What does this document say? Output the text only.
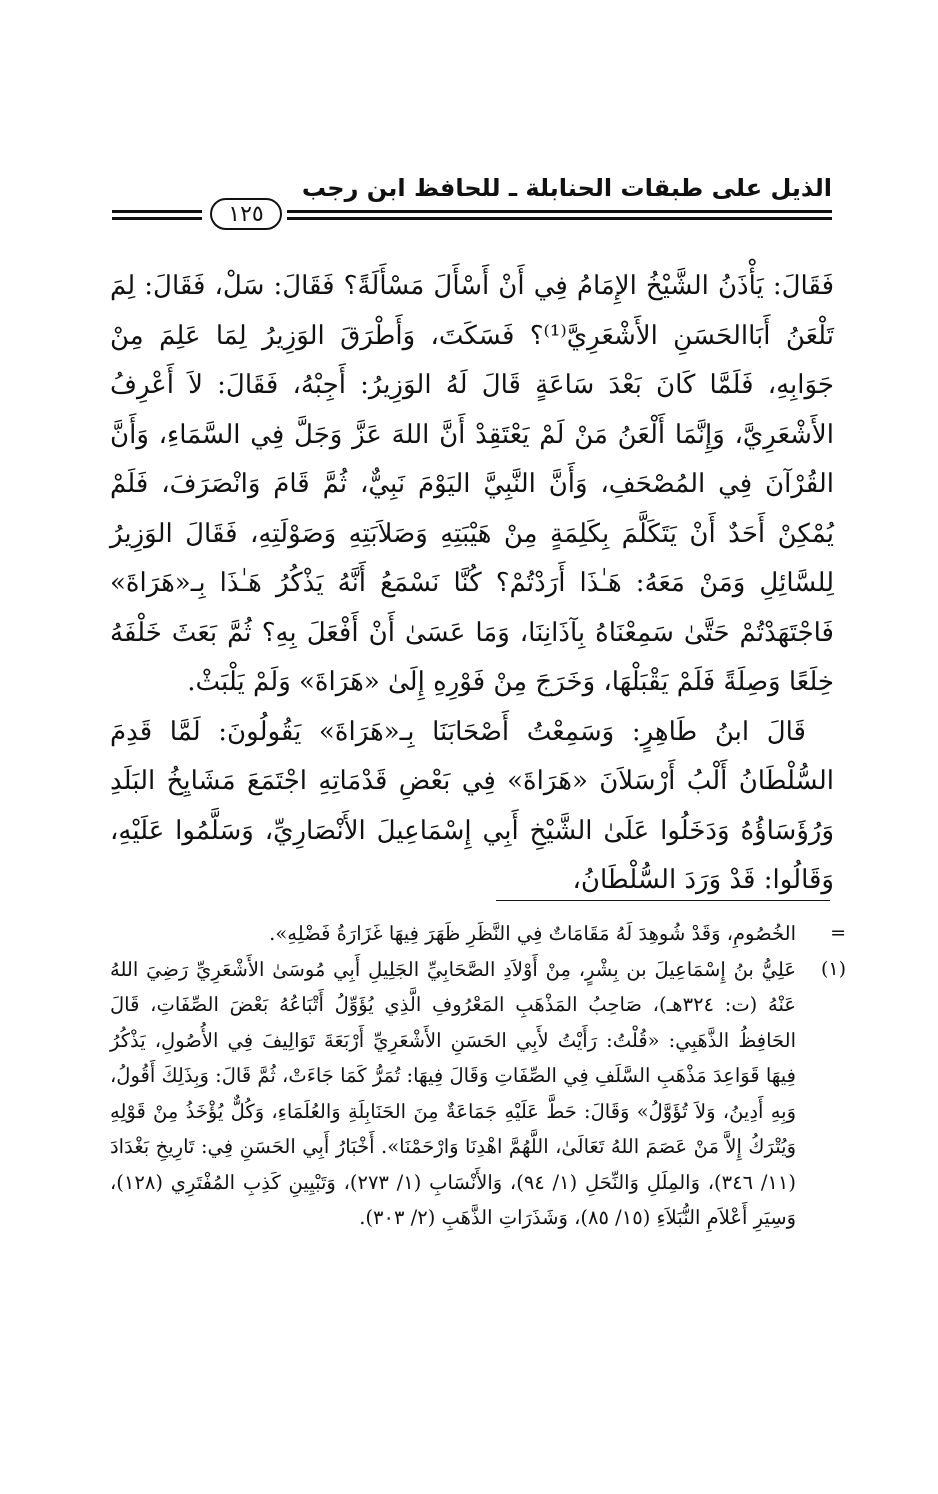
الذيل على طبقات الحنابلة ـ للحافظ ابن رجب
١٢٥

فَقَالَ: يَأْذَنُ الشَّيْخُ الإِمَامُ فِي أَنْ أَسْأَلَ مَسْأَلَةً؟ فَقَالَ: سَلْ، فَقَالَ: لِمَ تَلْعَنُ أَبَاالحَسَنِ الأَشْعَرِيَّ⁽¹⁾؟ فَسَكَتَ، وَأَطْرَقَ الوَزِيرُ لِمَا عَلِمَ مِنْ جَوَابِهِ، فَلَمَّا كَانَ بَعْدَ سَاعَةٍ قَالَ لَهُ الوَزِيرُ: أَجِبْهُ، فَقَالَ: لاَ أَعْرِفُ الأَشْعَرِيَّ، وَإِنَّمَا أَلْعَنُ مَنْ لَمْ يَعْتَقِدْ أَنَّ اللهَ عَزَّ وَجَلَّ فِي السَّمَاءِ، وَأَنَّ القُرْآنَ فِي المُصْحَفِ، وَأَنَّ النَّبِيَّ اليَوْمَ نَبِيٌّ، ثُمَّ قَامَ وَانْصَرَفَ، فَلَمْ يُمْكِنْ أَحَدٌ أَنْ يَتَكَلَّمَ بِكَلِمَةٍ مِنْ هَيْبَتِهِ وَصَلاَبَتِهِ وَصَوْلَتِهِ، فَقَالَ الوَزِيرُ لِلسَّائِلِ وَمَنْ مَعَهُ: هَـٰذَا أَرَدْتُمْ؟ كُنَّا نَسْمَعُ أَنَّهُ يَذْكُرُ هَـٰذَا بِـ«هَرَاةَ» فَاجْتَهَدْتُمْ حَتَّىٰ سَمِعْنَاهُ بِآذَانِنَا، وَمَا عَسَىٰ أَنْ أَفْعَلَ بِهِ؟ ثُمَّ بَعَثَ خَلْفَهُ خِلَعًا وَصِلَةً فَلَمْ يَقْبَلْهَا، وَخَرَجَ مِنْ فَوْرِهِ إِلَىٰ «هَرَاةَ» وَلَمْ يَلْبَثْ.

قَالَ ابنُ طَاهِرٍ: وَسَمِعْتُ أَصْحَابَنَا بِـ«هَرَاةَ» يَقُولُونَ: لَمَّا قَدِمَ السُّلْطَانُ أَلْبُ أَرْسَلاَنَ «هَرَاةَ» فِي بَعْضِ قَدْمَاتِهِ اجْتَمَعَ مَشَايِخُ البَلَدِ وَرُؤَسَاؤُهُ وَدَخَلُوا عَلَىٰ الشَّيْخِ أَبِي إِسْمَاعِيلَ الأَنْصَارِيِّ، وَسَلَّمُوا عَلَيْهِ، وَقَالُوا: قَدْ وَرَدَ السُّلْطَانُ،

=
الخُصُومِ، وَقَدْ شُوهِدَ لَهُ مَقَامَاتٌ فِي النَّظَرِ ظَهَرَ فِيهَا غَزَارَةُ فَضْلِهِ».
(١)
عَلِيُّ بنُ إِسْمَاعِيلَ بن بِشْرٍ، مِنْ أَوْلاَدِ الصَّحَابِيِّ الجَلِيلِ أَبِي مُوسَىٰ الأَشْعَرِيِّ رَضِيَ اللهُ عَنْهُ (ت: ٣٢٤هـ)، صَاحِبُ المَذْهَبِ المَعْرُوفِ الَّذِي يُؤَوِّلُ أَتْبَاعُهُ بَعْضَ الصِّفَاتِ، قَالَ الحَافِظُ الذَّهَبِي: «قُلْتُ: رَأَيْتُ لأَبِي الحَسَنِ الأَشْعَرِيِّ أَرْبَعَةَ تَوَالِيفَ فِي الأُصُولِ، يَذْكُرُ فِيهَا قَوَاعِدَ مَذْهَبِ السَّلَفِ فِي الصِّفَاتِ وَقَالَ فِيهَا: تُمَرُّ كَمَا جَاءَتْ، ثُمَّ قَالَ: وَبِذَلِكَ أَقُولُ، وَبِهِ أَدِينُ، وَلاَ تُؤَوَّلُ» وَقَالَ: حَطَّ عَلَيْهِ جَمَاعَةٌ مِنَ الحَنَابِلَةِ وَالعُلَمَاءِ، وَكُلٌّ يُؤْخَذُ مِنْ قَوْلِهِ وَيُتْرَكُ إِلاَّ مَنْ عَصَمَ اللهُ تَعَالَىٰ، اللَّهُمَّ اهْدِنَا وَارْحَمْنَا». أَخْبَارُ أَبِي الحَسَنِ فِي: تَارِيخِ بَغْدَادَ (١١/ ٣٤٦)، وَالمِلَلِ وَالنِّحَلِ (١/ ٩٤)، وَالأَنْسَابِ (١/ ٢٧٣)، وَتَبْيِينِ كَذِبِ المُفْتَرِي (١٢٨)، وَسِيَرِ أَعْلاَمِ النُّبَلاَءِ (١٥/ ٨٥)، وَشَذَرَاتِ الذَّهَبِ (٢/ ٣٠٣).
